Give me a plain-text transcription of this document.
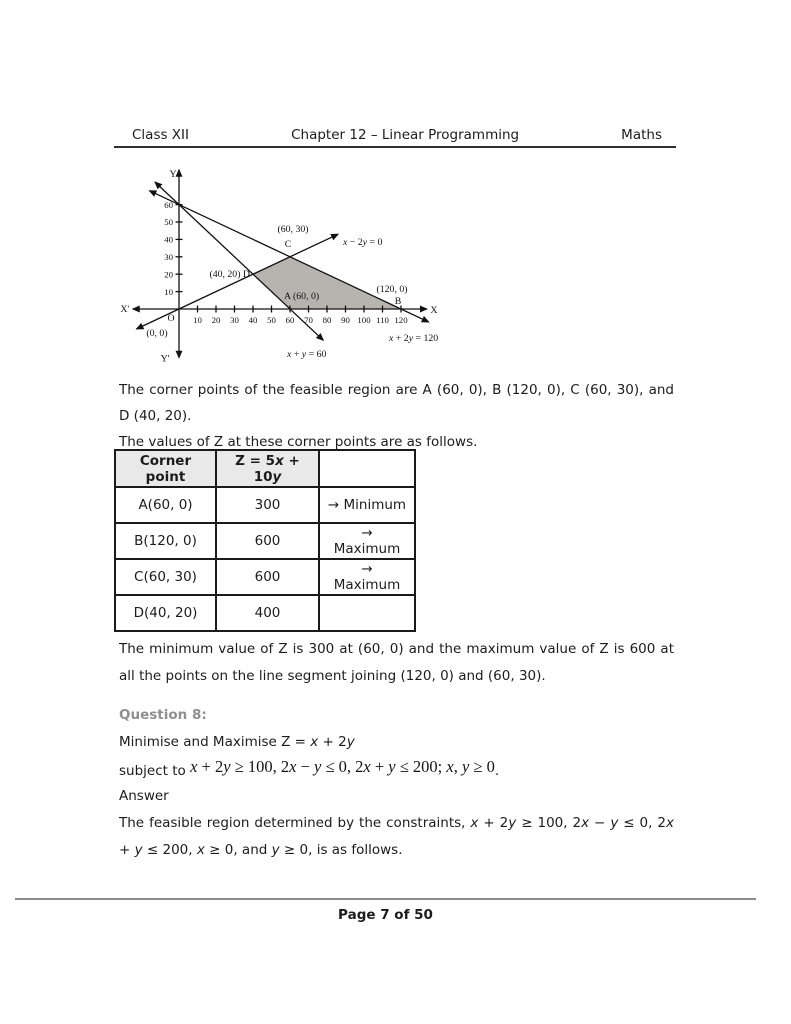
Class XII	Chapter 12 – Linear Programming	Maths
10 20 30 40 50 60 70 80 90 100 110 120
10
20
30
40
50
60
x − 2y = 0
x + y = 60
x + 2y = 120
Y
Y'
X'	X
O
(0, 0)
(60, 30)
C
(40, 20) D
A (60, 0)
(120, 0)
B

The corner points of the feasible region are A (60, 0), B (120, 0), C (60, 30), and D (40, 20).

The values of Z at these corner points are as follows.

Corner point	Z = 5x + 10y	
A(60, 0)	300	→ Minimum
B(120, 0)	600	→ Maximum
C(60, 30)	600	→ Maximum
D(40, 20)	400	

The minimum value of Z is 300 at (60, 0) and the maximum value of Z is 600 at all the points on the line segment joining (120, 0) and (60, 30).

Question 8:

Minimise and Maximise Z = x + 2y

subject to x + 2y ≥ 100, 2x − y ≤ 0, 2x + y ≤ 200; x, y ≥ 0.

Answer

The feasible region determined by the constraints, x + 2y ≥ 100, 2x − y ≤ 0, 2x + y ≤ 200, x ≥ 0, and y ≥ 0, is as follows.

Page 7 of 50
